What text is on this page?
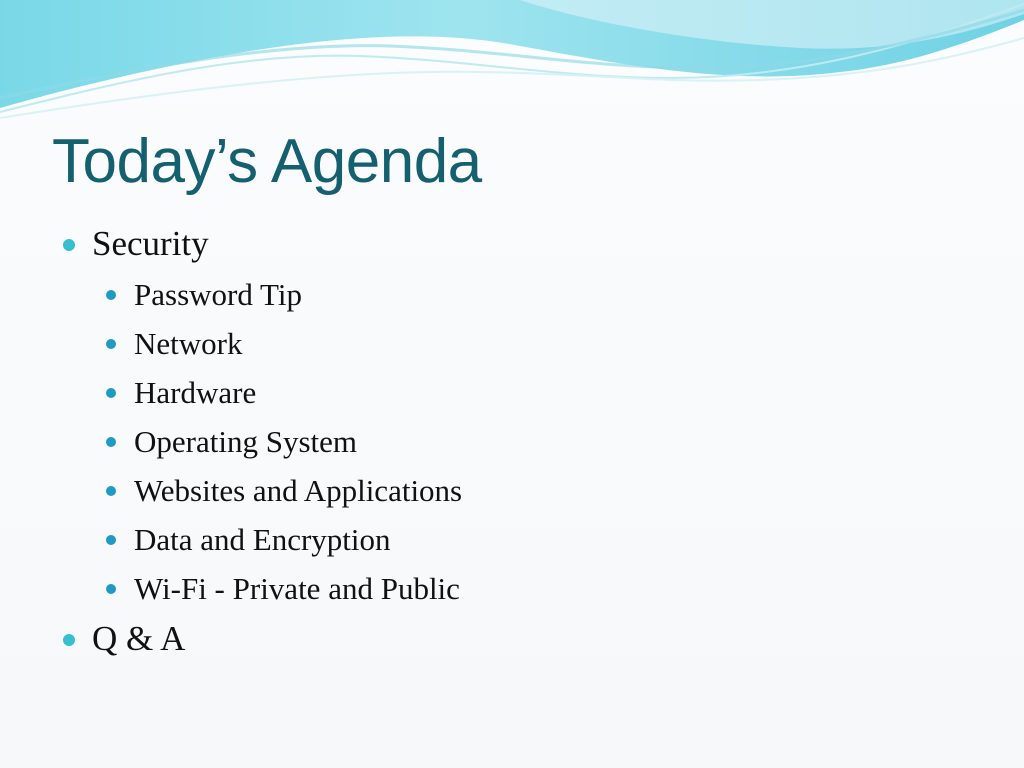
Today’s Agenda
Security
Password Tip
Network
Hardware
Operating System
Websites and Applications
Data and Encryption
Wi-Fi - Private and Public
Q & A
